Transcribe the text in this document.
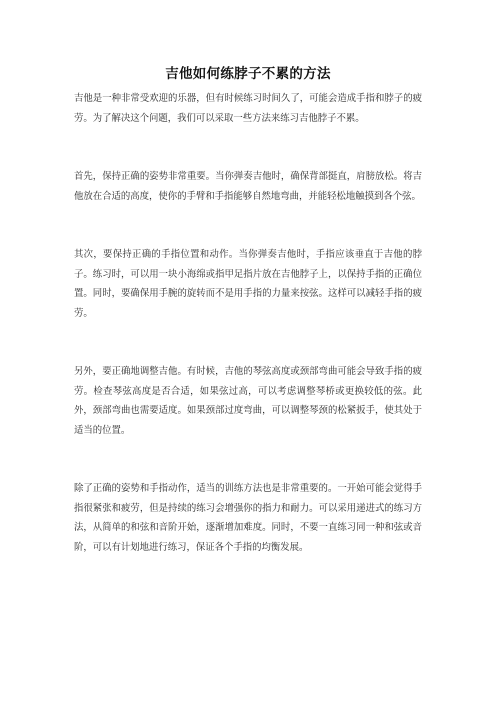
吉他如何练脖子不累的方法

吉他是一种非常受欢迎的乐器，但有时候练习时间久了，可能会造成手指和脖子的疲劳。为了解决这个问题，我们可以采取一些方法来练习吉他脖子不累。

首先，保持正确的姿势非常重要。当你弹奏吉他时，确保背部挺直，肩膀放松。将吉他放在合适的高度，使你的手臂和手指能够自然地弯曲，并能轻松地触摸到各个弦。

其次，要保持正确的手指位置和动作。当你弹奏吉他时，手指应该垂直于吉他的脖子。练习时，可以用一块小海绵或指甲足指片放在吉他脖子上，以保持手指的正确位置。同时，要确保用手腕的旋转而不是用手指的力量来按弦。这样可以减轻手指的疲劳。

另外，要正确地调整吉他。有时候，吉他的琴弦高度或颈部弯曲可能会导致手指的疲劳。检查琴弦高度是否合适，如果弦过高，可以考虑调整琴桥或更换较低的弦。此外，颈部弯曲也需要适度。如果颈部过度弯曲，可以调整琴颈的松紧扳手，使其处于适当的位置。

除了正确的姿势和手指动作，适当的训练方法也是非常重要的。一开始可能会觉得手指很紧张和疲劳，但是持续的练习会增强你的指力和耐力。可以采用递进式的练习方法，从简单的和弦和音阶开始，逐渐增加难度。同时，不要一直练习同一种和弦或音阶，可以有计划地进行练习，保证各个手指的均衡发展。
